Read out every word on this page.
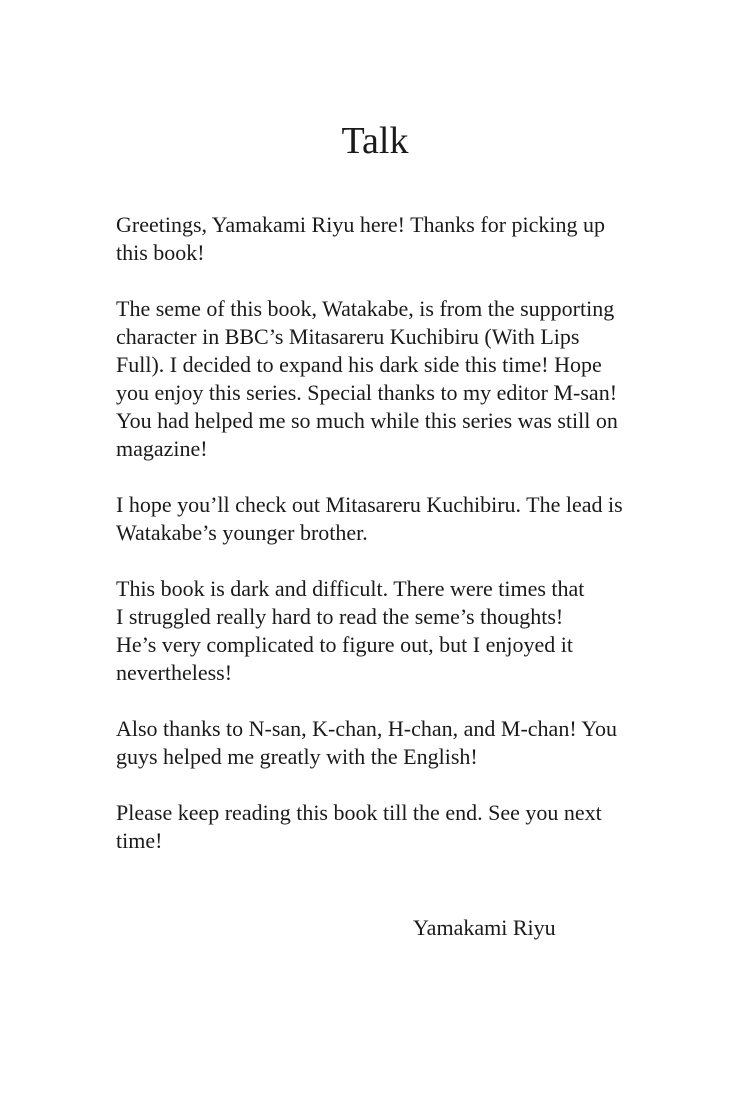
Talk

Greetings, Yamakami Riyu here! Thanks for picking up
this book!

The seme of this book, Watakabe, is from the supporting
character in BBC’s Mitasareru Kuchibiru (With Lips
Full). I decided to expand his dark side this time! Hope
you enjoy this series. Special thanks to my editor M-san!
You had helped me so much while this series was still on
magazine!

I hope you’ll check out Mitasareru Kuchibiru. The lead is
Watakabe’s younger brother.

This book is dark and difficult. There were times that
I struggled really hard to read the seme’s thoughts!
He’s very complicated to figure out, but I enjoyed it
nevertheless!

Also thanks to N-san, K-chan, H-chan, and M-chan! You
guys helped me greatly with the English!

Please keep reading this book till the end. See you next
time!

Yamakami Riyu
